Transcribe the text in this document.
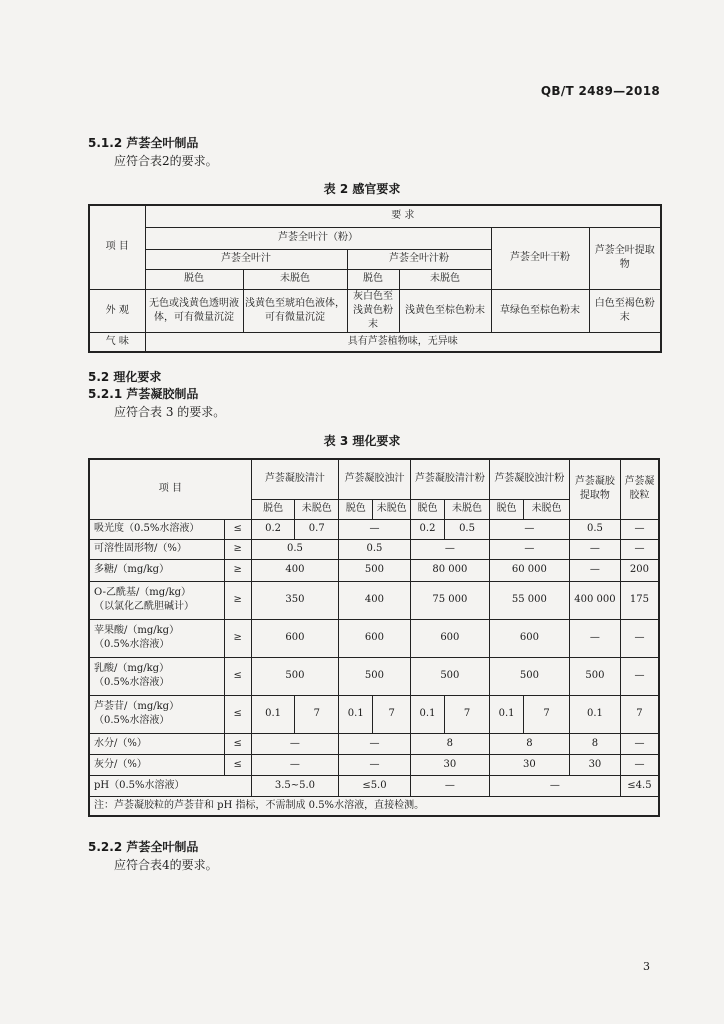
QB/T 2489—2018
5.1.2 芦荟全叶制品
应符合表2的要求。
表 2 感官要求
项 目	要 求					
	芦荟全叶汁（粉）				芦荟全叶干粉	芦荟全叶提取物
	芦荟全叶汁		芦荟全叶汁粉			
	脱色	未脱色	脱色	未脱色		
外 观	无色或浅黄色透明液体，可有微量沉淀	浅黄色至琥珀色液体，可有微量沉淀	灰白色至浅黄色粉末	浅黄色至棕色粉末	草绿色至棕色粉末	白色至褐色粉末
气 味	具有芦荟植物味，无异味					
5.2 理化要求
5.2.1 芦荟凝胶制品
应符合表 3 的要求。
表 3 理化要求
项 目		芦荟凝胶清汁		芦荟凝胶浊汁		芦荟凝胶清汁粉		芦荟凝胶浊汁粉		芦荟凝胶提取物	芦荟凝胶粒
		脱色	未脱色	脱色	未脱色	脱色	未脱色	脱色	未脱色		
吸光度（0.5%水溶液）	≤	0.2	0.7	—		0.2	0.5	—		0.5	—
可溶性固形物/（%）	≥	0.5		0.5		—		—		—	—
多糖/（mg/kg）	≥	400		500		80 000		60 000		—	200

O-乙酰基/（mg/kg）
（以氯化乙酰胆碱计）	≥	350		400		75 000		55 000		400 000	175

苹果酸/（mg/kg）
（0.5%水溶液）	≥	600		600		600		600		—	—

乳酸/（mg/kg）
（0.5%水溶液）	≤	500		500		500		500		500	—

芦荟苷/（mg/kg）
（0.5%水溶液）	≤	0.1	7	0.1	7	0.1	7	0.1	7	0.1	7
水分/（%）	≤	—		—		8		8		8	—
灰分/（%）	≤	—		—		30		30		30	—
pH（0.5%水溶液）		3.5~5.0		≤5.0		—		—			≤4.5
注：芦荟凝胶粒的芦荟苷和 pH 指标，不需制成 0.5%水溶液，直接检测。											
5.2.2 芦荟全叶制品
应符合表4的要求。
3
